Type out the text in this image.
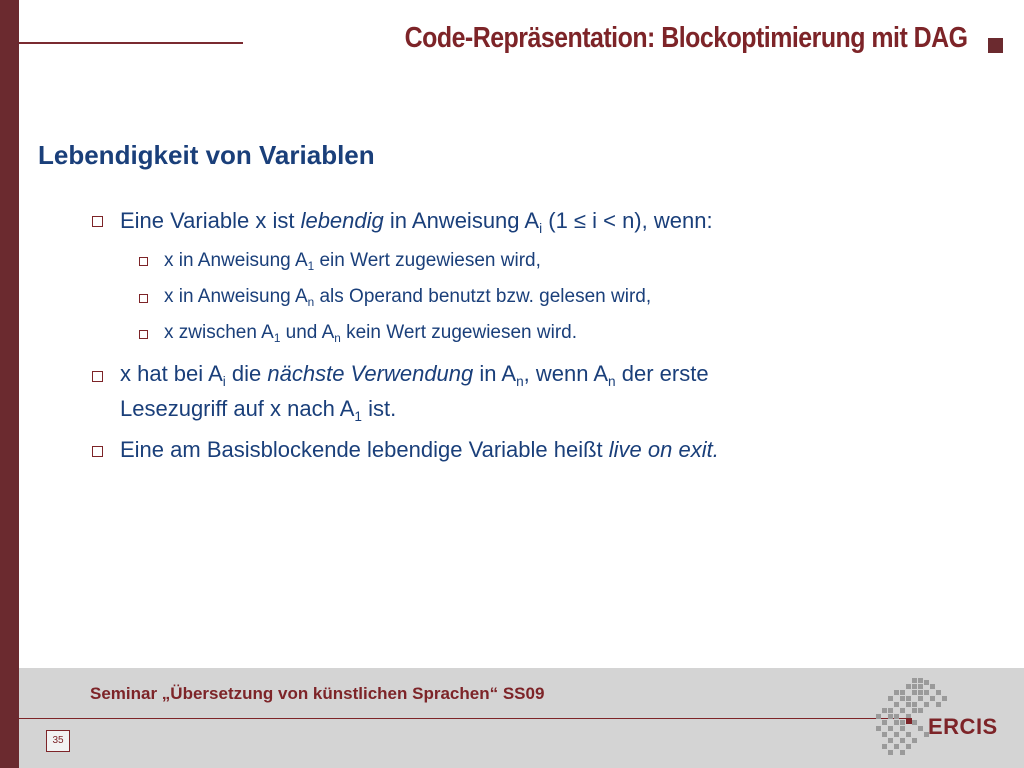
Code-Repräsentation: Blockoptimierung mit DAG
Lebendigkeit von Variablen
Eine Variable x ist lebendig in Anweisung $A_i$ (1 ≤ i < n), wenn:
x in Anweisung $A_1$ ein Wert zugewiesen wird,
x in Anweisung $A_n$ als Operand benutzt bzw. gelesen wird,
x zwischen $A_1$ und $A_n$ kein Wert zugewiesen wird.
x hat bei $A_i$ die nächste Verwendung in $A_n$, wenn $A_n$ der erste
Lesezugriff auf x nach $A_1$ ist.
Eine am Basisblockende lebendige Variable heißt live on exit.
Seminar „Übersetzung von künstlichen Sprachen“ SS09
35
ERCIS
